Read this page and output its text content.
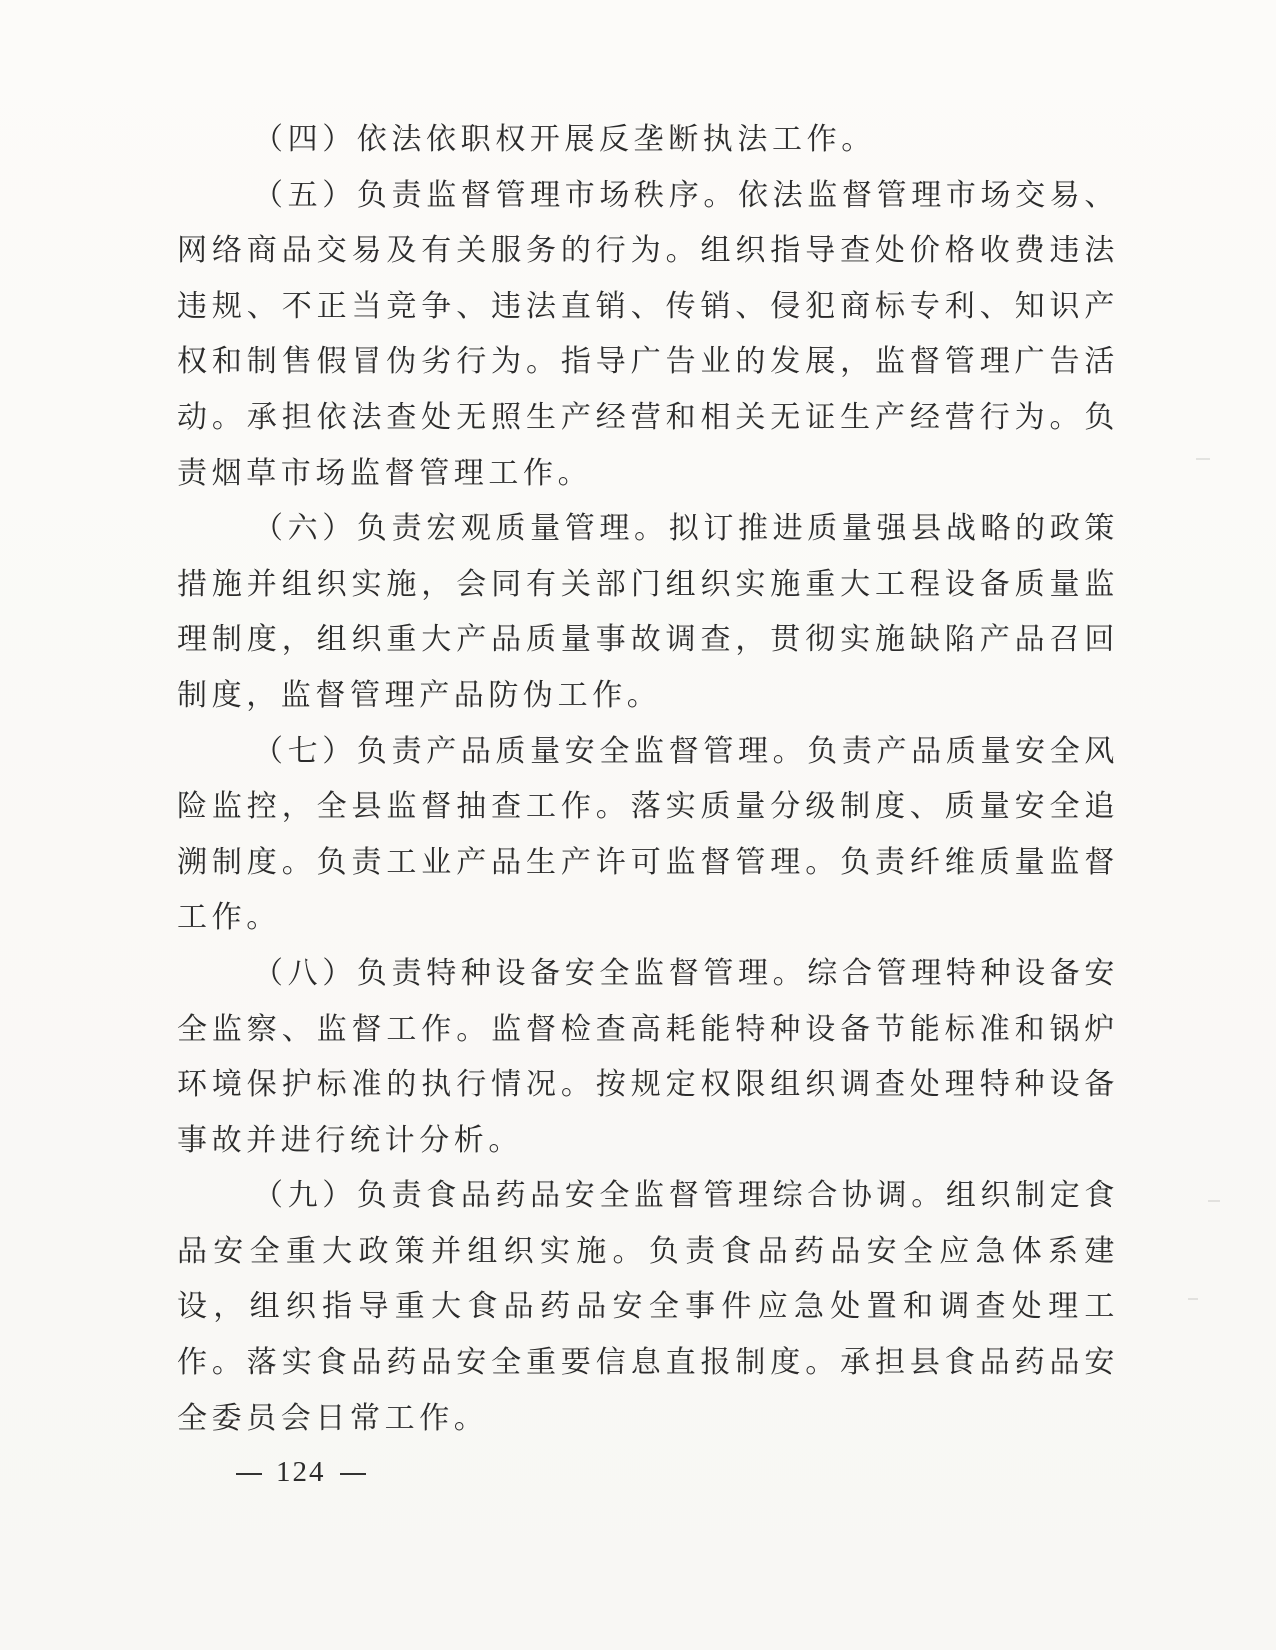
（四）依法依职权开展反垄断执法工作。

（五）负责监督管理市场秩序。依法监督管理市场交易、网络商品交易及有关服务的行为。组织指导查处价格收费违法违规、不正当竞争、违法直销、传销、侵犯商标专利、知识产权和制售假冒伪劣行为。指导广告业的发展，监督管理广告活动。承担依法查处无照生产经营和相关无证生产经营行为。负责烟草市场监督管理工作。

（六）负责宏观质量管理。拟订推进质量强县战略的政策措施并组织实施，会同有关部门组织实施重大工程设备质量监理制度，组织重大产品质量事故调查，贯彻实施缺陷产品召回制度，监督管理产品防伪工作。

（七）负责产品质量安全监督管理。负责产品质量安全风险监控，全县监督抽查工作。落实质量分级制度、质量安全追溯制度。负责工业产品生产许可监督管理。负责纤维质量监督工作。

（八）负责特种设备安全监督管理。综合管理特种设备安全监察、监督工作。监督检查高耗能特种设备节能标准和锅炉环境保护标准的执行情况。按规定权限组织调查处理特种设备事故并进行统计分析。

（九）负责食品药品安全监督管理综合协调。组织制定食品安全重大政策并组织实施。负责食品药品安全应急体系建设，组织指导重大食品药品安全事件应急处置和调查处理工作。落实食品药品安全重要信息直报制度。承担县食品药品安全委员会日常工作。

124
